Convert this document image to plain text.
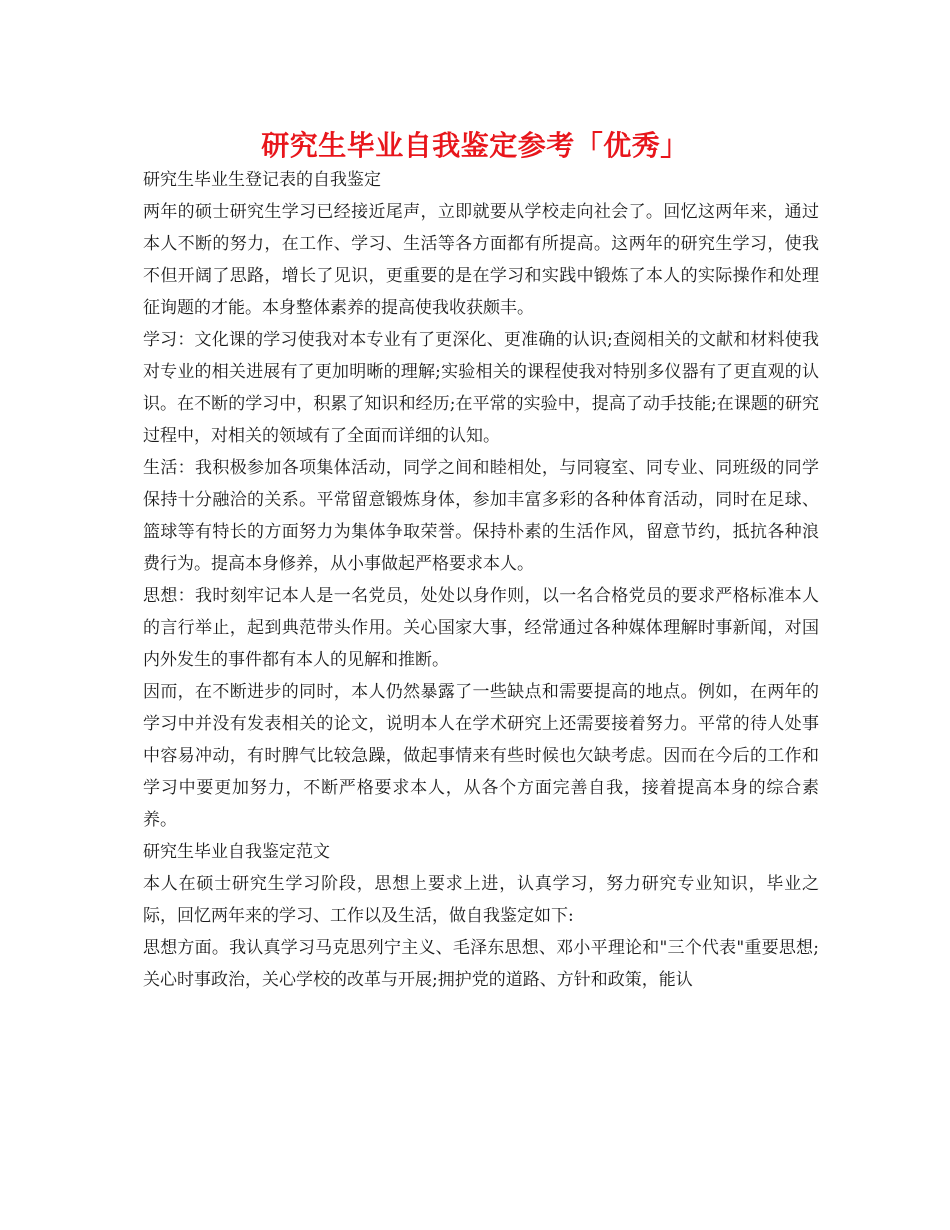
研究生毕业自我鉴定参考「优秀」
研究生毕业生登记表的自我鉴定

两年的硕士研究生学习已经接近尾声，立即就要从学校走向社会了。回忆这两年来，通过本人不断的努力，在工作、学习、生活等各方面都有所提高。这两年的研究生学习，使我不但开阔了思路，增长了见识，更重要的是在学习和实践中锻炼了本人的实际操作和处理征询题的才能。本身整体素养的提高使我收获颇丰。

学习：文化课的学习使我对本专业有了更深化、更准确的认识;查阅相关的文献和材料使我对专业的相关进展有了更加明晰的理解;实验相关的课程使我对特别多仪器有了更直观的认识。在不断的学习中，积累了知识和经历;在平常的实验中，提高了动手技能;在课题的研究过程中，对相关的领域有了全面而详细的认知。

生活：我积极参加各项集体活动，同学之间和睦相处，与同寝室、同专业、同班级的同学保持十分融洽的关系。平常留意锻炼身体，参加丰富多彩的各种体育活动，同时在足球、篮球等有特长的方面努力为集体争取荣誉。保持朴素的生活作风，留意节约，抵抗各种浪费行为。提高本身修养，从小事做起严格要求本人。

思想：我时刻牢记本人是一名党员，处处以身作则，以一名合格党员的要求严格标准本人的言行举止，起到典范带头作用。关心国家大事，经常通过各种媒体理解时事新闻，对国内外发生的事件都有本人的见解和推断。

因而，在不断进步的同时，本人仍然暴露了一些缺点和需要提高的地点。例如，在两年的学习中并没有发表相关的论文，说明本人在学术研究上还需要接着努力。平常的待人处事中容易冲动，有时脾气比较急躁，做起事情来有些时候也欠缺考虑。因而在今后的工作和学习中要更加努力，不断严格要求本人，从各个方面完善自我，接着提高本身的综合素养。

研究生毕业自我鉴定范文

本人在硕士研究生学习阶段，思想上要求上进，认真学习，努力研究专业知识，毕业之际，回忆两年来的学习、工作以及生活，做自我鉴定如下:

思想方面。我认真学习马克思列宁主义、毛泽东思想、邓小平理论和"三个代表"重要思想;关心时事政治，关心学校的改革与开展;拥护党的道路、方针和政策，能认
